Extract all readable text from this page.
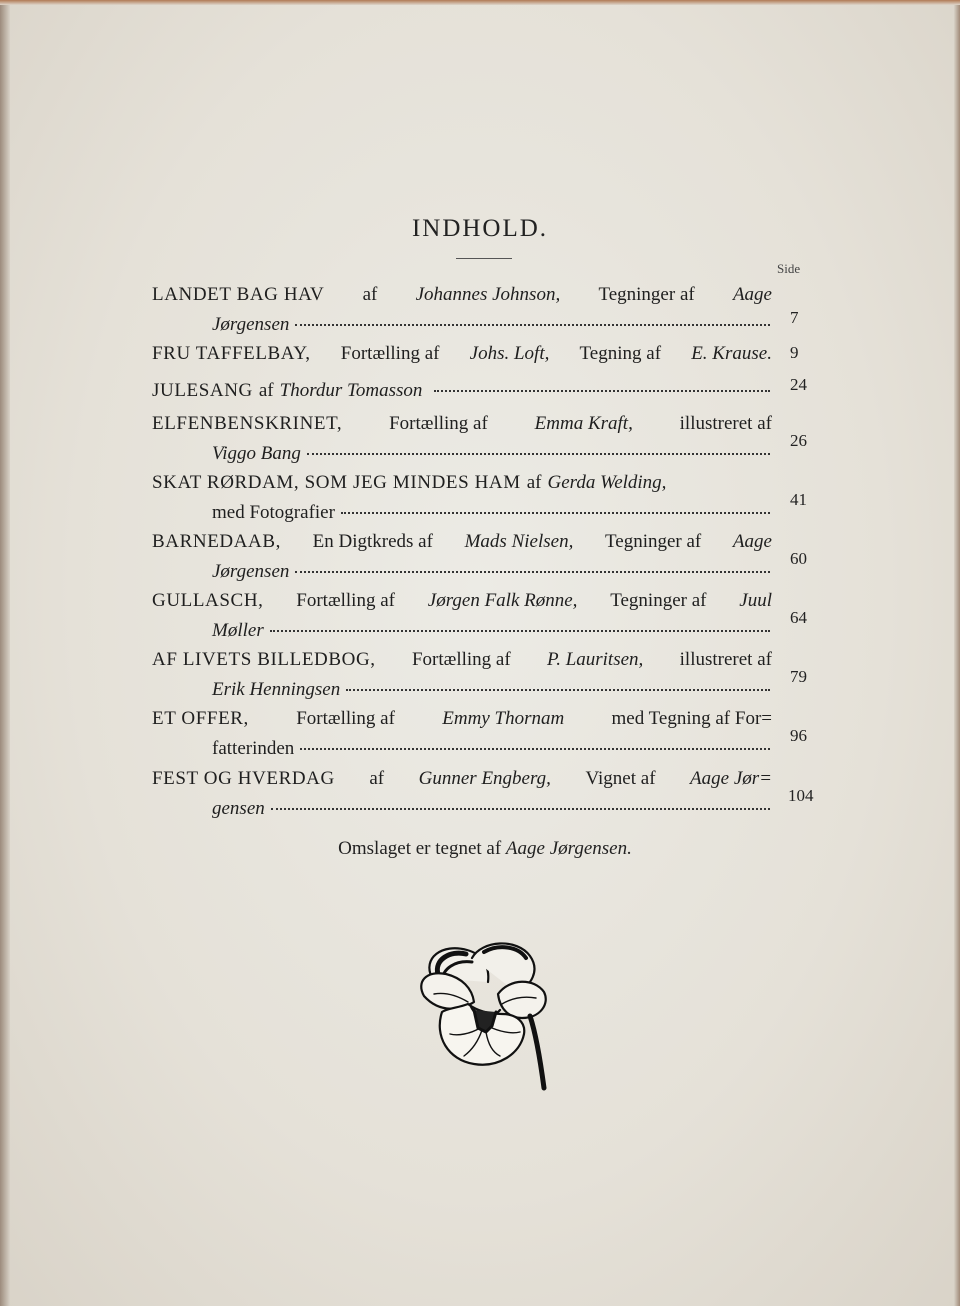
INDHOLD.
Side
LANDET BAG HAV af Johannes Johnson, Tegninger af Aage
Jørgensen	7
FRU TAFFELBAY, Fortælling af Johs. Loft, Tegning af E. Krause. 9
JULESANG af Thordur Tomasson	24
ELFENBENSKRINET, Fortælling af Emma Kraft, illustreret af
Viggo Bang
26
SKAT RØRDAM, SOM JEG MINDES HAM af Gerda Welding,
med Fotografier
41
BARNEDAAB, En Digtkreds af Mads Nielsen, Tegninger af Aage
Jørgensen
60
GULLASCH, Fortælling af Jørgen Falk Rønne, Tegninger af Juul
Møller
64
AF LIVETS BILLEDBOG, Fortælling af P. Lauritsen, illustreret af
Erik Henningsen
79
ET OFFER, Fortælling af Emmy Thornam med Tegning af For=
fatterinden
96
FEST OG HVERDAG af Gunner Engberg, Vignet af Aage Jør=
gensen
104
Omslaget er tegnet af Aage Jørgensen.
